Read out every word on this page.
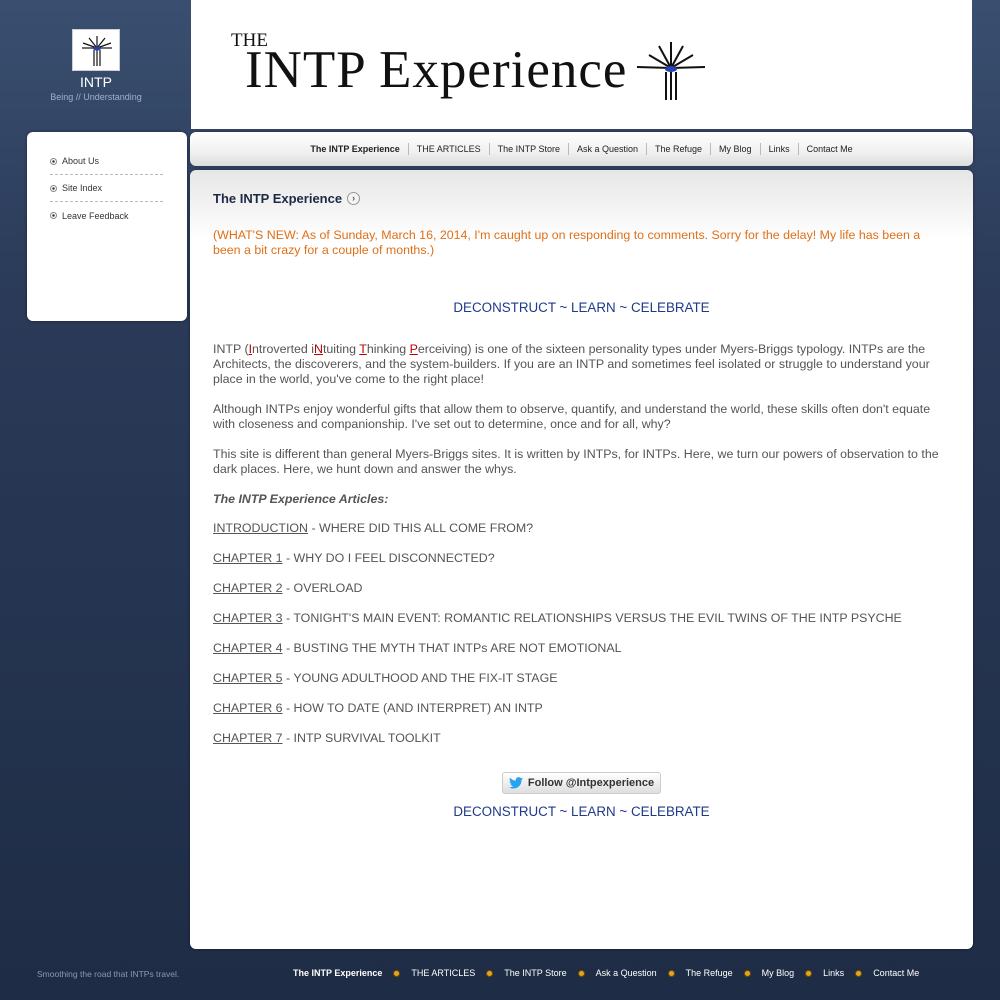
INTP
Being // Understanding
About Us
Site Index
Leave Feedback
THE
INTP Experience
The INTP Experience	THE ARTICLES	The INTP Store	Ask a Question	The Refuge	My Blog	Links	Contact Me
The INTP Experience	›
(WHAT'S NEW: As of Sunday, March 16, 2014, I'm caught up on responding to comments. Sorry for the delay! My life has been a been a bit crazy for a couple of months.)
DECONSTRUCT ~ LEARN ~ CELEBRATE
INTP (Introverted iNtuiting Thinking Perceiving) is one of the sixteen personality types under Myers-Briggs typology. INTPs are the Architects, the discoverers, and the system-builders. If you are an INTP and sometimes feel isolated or struggle to understand your place in the world, you've come to the right place!
Although INTPs enjoy wonderful gifts that allow them to observe, quantify, and understand the world, these skills often don't equate with closeness and companionship. I've set out to determine, once and for all, why?
This site is different than general Myers-Briggs sites. It is written by INTPs, for INTPs. Here, we turn our powers of observation to the dark places. Here, we hunt down and answer the whys.
The INTP Experience Articles:
INTRODUCTION - WHERE DID THIS ALL COME FROM?
CHAPTER 1 - WHY DO I FEEL DISCONNECTED?
CHAPTER 2 - OVERLOAD
CHAPTER 3 - TONIGHT'S MAIN EVENT: ROMANTIC RELATIONSHIPS VERSUS THE EVIL TWINS OF THE INTP PSYCHE
CHAPTER 4 - BUSTING THE MYTH THAT INTPs ARE NOT EMOTIONAL
CHAPTER 5 - YOUNG ADULTHOOD AND THE FIX-IT STAGE
CHAPTER 6 - HOW TO DATE (AND INTERPRET) AN INTP
CHAPTER 7 - INTP SURVIVAL TOOLKIT
Follow @Intpexperience
DECONSTRUCT ~ LEARN ~ CELEBRATE
Smoothing the road that INTPs travel.	The INTP Experience	THE ARTICLES	The INTP Store	Ask a Question	The Refuge	My Blog	Links	Contact Me
